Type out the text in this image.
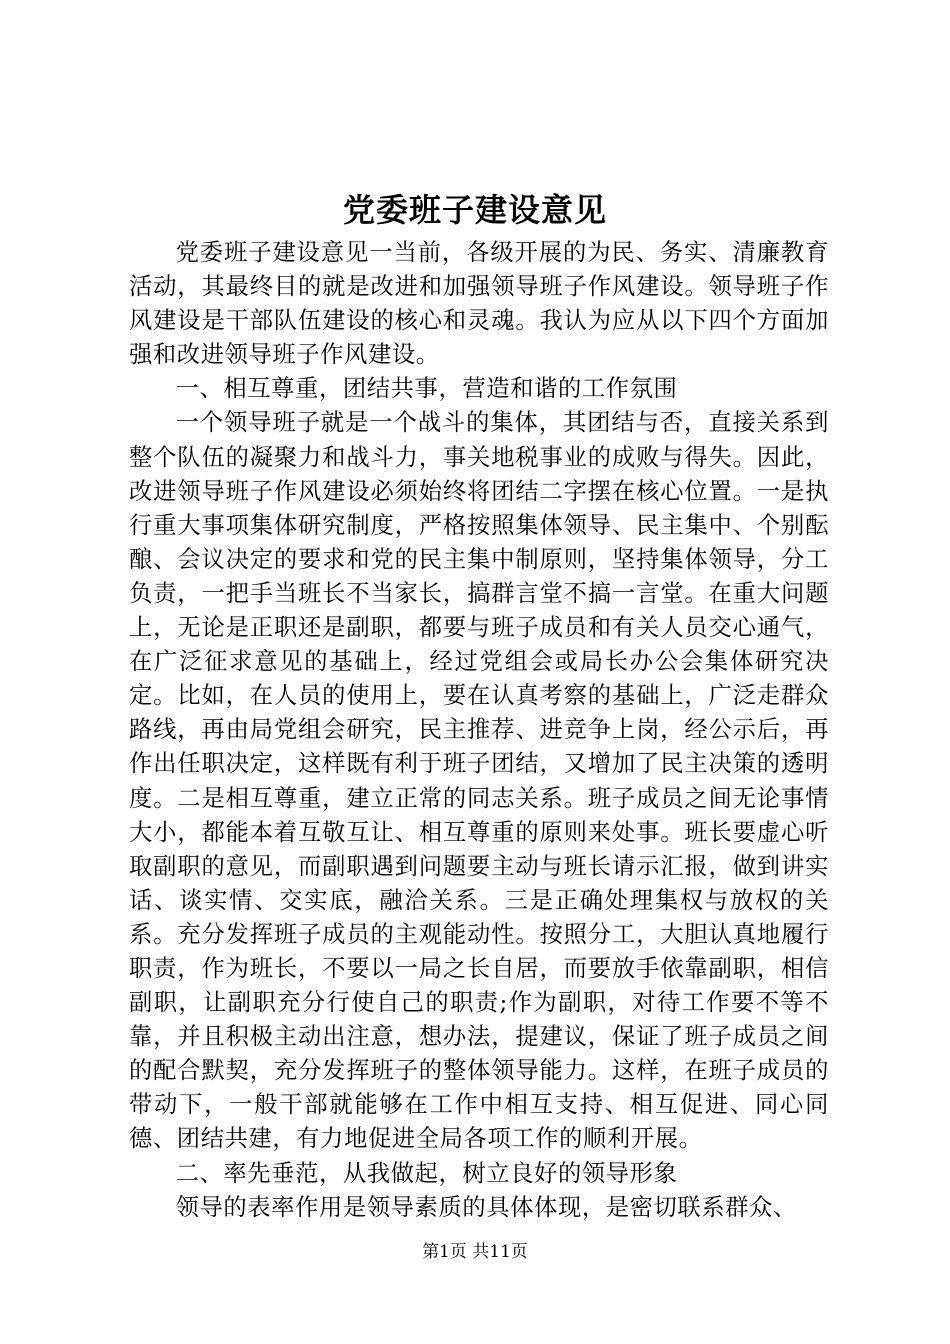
党委班子建设意见

党委班子建设意见一当前，各级开展的为民、务实、清廉教育活动，其最终目的就是改进和加强领导班子作风建设。领导班子作风建设是干部队伍建设的核心和灵魂。我认为应从以下四个方面加强和改进领导班子作风建设。

一、相互尊重，团结共事，营造和谐的工作氛围

一个领导班子就是一个战斗的集体，其团结与否，直接关系到整个队伍的凝聚力和战斗力，事关地税事业的成败与得失。因此，改进领导班子作风建设必须始终将团结二字摆在核心位置。一是执行重大事项集体研究制度，严格按照集体领导、民主集中、个别酝酿、会议决定的要求和党的民主集中制原则，坚持集体领导，分工负责，一把手当班长不当家长，搞群言堂不搞一言堂。在重大问题上，无论是正职还是副职，都要与班子成员和有关人员交心通气，在广泛征求意见的基础上，经过党组会或局长办公会集体研究决定。比如，在人员的使用上，要在认真考察的基础上，广泛走群众路线，再由局党组会研究，民主推荐、进竞争上岗，经公示后，再作出任职决定，这样既有利于班子团结，又增加了民主决策的透明度。二是相互尊重，建立正常的同志关系。班子成员之间无论事情大小，都能本着互敬互让、相互尊重的原则来处事。班长要虚心听取副职的意见，而副职遇到问题要主动与班长请示汇报，做到讲实话、谈实情、交实底，融洽关系。三是正确处理集权与放权的关系。充分发挥班子成员的主观能动性。按照分工，大胆认真地履行职责，作为班长，不要以一局之长自居，而要放手依靠副职，相信副职，让副职充分行使自己的职责;作为副职，对待工作要不等不靠，并且积极主动出注意，想办法，提建议，保证了班子成员之间的配合默契，充分发挥班子的整体领导能力。这样，在班子成员的带动下，一般干部就能够在工作中相互支持、相互促进、同心同德、团结共建，有力地促进全局各项工作的顺利开展。

二、率先垂范，从我做起，树立良好的领导形象

领导的表率作用是领导素质的具体体现，是密切联系群众、

第1页 共11页
